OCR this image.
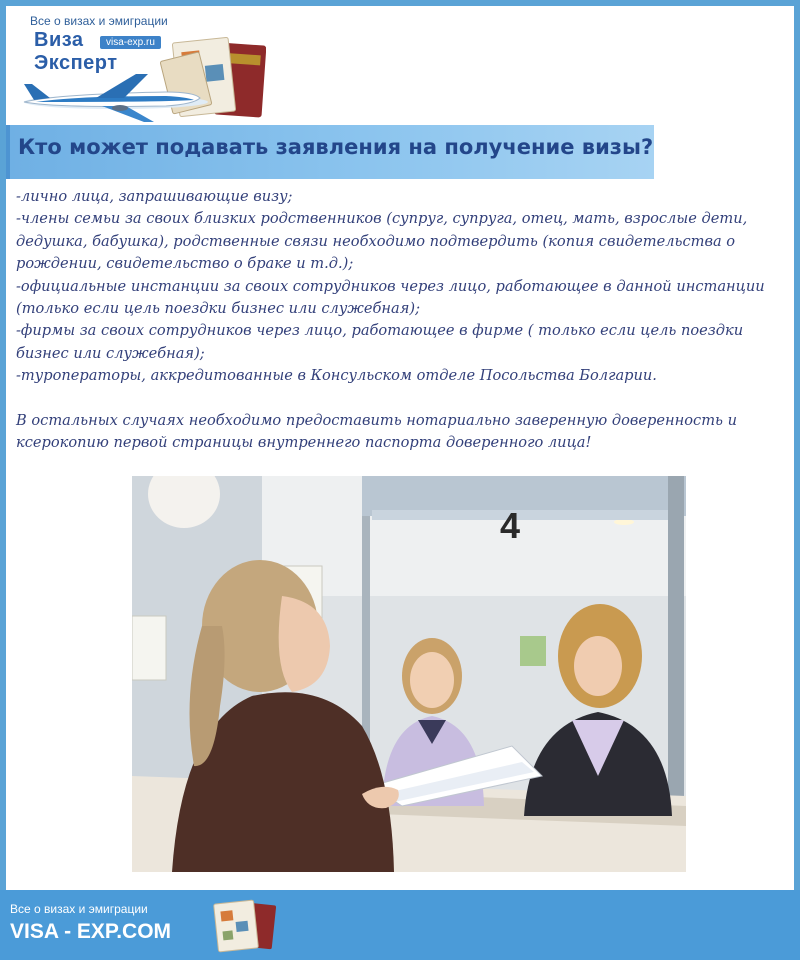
Все о визах и эмиграции
Виза
Эксперт
visa-exp.ru
Кто может подавать заявления на получение визы?

-лично лица, запрашивающие визу;

-члены семьи за своих близких родственников (супруг, супруга, отец, мать, взрослые дети, дедушка, бабушка), родственные связи необходимо подтвердить (копия свидетельства о рождении, свидетельство о браке и т.д.);

-официальные инстанции за своих сотрудников через лицо, работающее в данной инстанции (только если цель поездки бизнес или служебная);

-фирмы за своих сотрудников через лицо, работающее в фирме ( только если цель поездки бизнес или служебная);

-туроператоры, аккредитованные в Консульском отделе Посольства Болгарии.

В остальных случаях необходимо предоставить нотариально заверенную доверенность и ксерокопию первой страницы внутреннего паспорта доверенного лица!

4
Все о визах и эмиграции
VISA - EXP.COM
